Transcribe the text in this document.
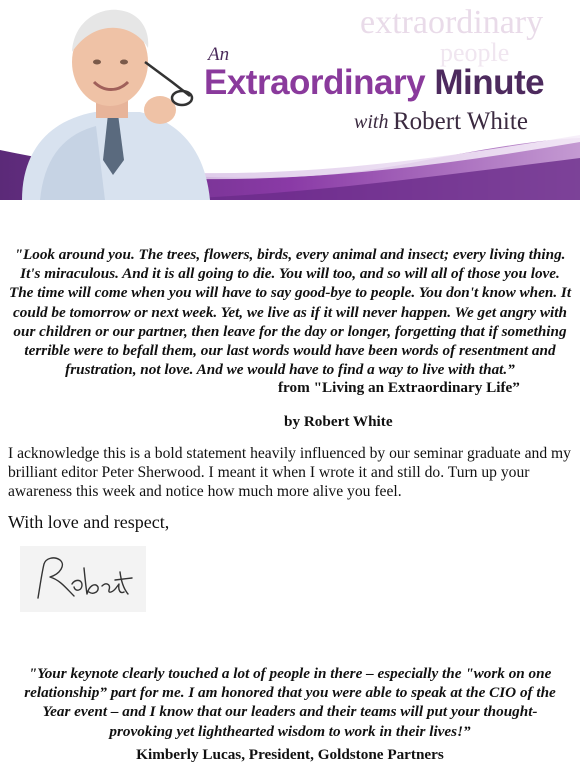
extraordinary
people
An
Extraordinary Minute
with Robert White
"Look around you. The trees, flowers, birds, every animal and insect; every living thing. It's miraculous. And it is all going to die. You will too, and so will all of those you love. The time will come when you will have to say good-bye to people. You don't know when. It could be tomorrow or next week. Yet, we live as if it will never happen. We get angry with our children or our partner, then leave for the day or longer, forgetting that if something terrible were to befall them, our last words would have been words of resentment and frustration, not love. And we would have to find a way to live with that.”
from "Living an Extraordinary Life”
by Robert White
I acknowledge this is a bold statement heavily influenced by our seminar graduate and my brilliant editor Peter Sherwood. I meant it when I wrote it and still do. Turn up your awareness this week and notice how much more alive you feel.
With love and respect,
"Your keynote clearly touched a lot of people in there – especially the "work on one relationship” part for me. I am honored that you were able to speak at the CIO of the Year event – and I know that our leaders and their teams will put your thought-provoking yet lighthearted wisdom to work in their lives!”
Kimberly Lucas, President, Goldstone Partners
